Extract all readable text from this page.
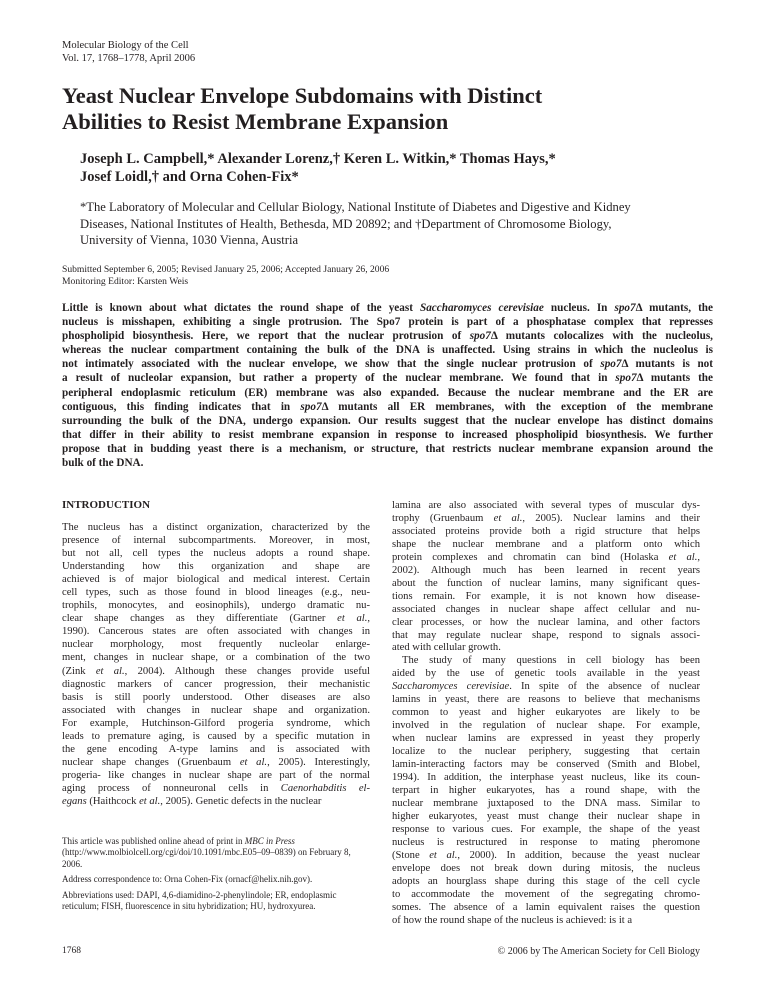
Molecular Biology of the Cell
Vol. 17, 1768–1778, April 2006
Yeast Nuclear Envelope Subdomains with Distinct
Abilities to Resist Membrane Expansion
Joseph L. Campbell,* Alexander Lorenz,† Keren L. Witkin,* Thomas Hays,*
Josef Loidl,† and Orna Cohen-Fix*
*The Laboratory of Molecular and Cellular Biology, National Institute of Diabetes and Digestive and Kidney
Diseases, National Institutes of Health, Bethesda, MD 20892; and †Department of Chromosome Biology,
University of Vienna, 1030 Vienna, Austria
Submitted September 6, 2005; Revised January 25, 2006; Accepted January 26, 2006
Monitoring Editor: Karsten Weis
Little is known about what dictates the round shape of the yeast Saccharomyces cerevisiae nucleus. In spo7Δ mutants, the
nucleus is misshapen, exhibiting a single protrusion. The Spo7 protein is part of a phosphatase complex that represses
phospholipid biosynthesis. Here, we report that the nuclear protrusion of spo7Δ mutants colocalizes with the nucleolus,
whereas the nuclear compartment containing the bulk of the DNA is unaffected. Using strains in which the nucleolus is
not intimately associated with the nuclear envelope, we show that the single nuclear protrusion of spo7Δ mutants is not
a result of nucleolar expansion, but rather a property of the nuclear membrane. We found that in spo7Δ mutants the
peripheral endoplasmic reticulum (ER) membrane was also expanded. Because the nuclear membrane and the ER are
contiguous, this finding indicates that in spo7Δ mutants all ER membranes, with the exception of the membrane
surrounding the bulk of the DNA, undergo expansion. Our results suggest that the nuclear envelope has distinct domains
that differ in their ability to resist membrane expansion in response to increased phospholipid biosynthesis. We further
propose that in budding yeast there is a mechanism, or structure, that restricts nuclear membrane expansion around the
bulk of the DNA.
INTRODUCTION
The nucleus has a distinct organization, characterized by the
presence of internal subcompartments. Moreover, in most,
but not all, cell types the nucleus adopts a round shape.
Understanding how this organization and shape are
achieved is of major biological and medical interest. Certain
cell types, such as those found in blood lineages (e.g., neu-
trophils, monocytes, and eosinophils), undergo dramatic nu-
clear shape changes as they differentiate (Gartner et al.,
1990). Cancerous states are often associated with changes in
nuclear morphology, most frequently nucleolar enlarge-
ment, changes in nuclear shape, or a combination of the two
(Zink et al., 2004). Although these changes provide useful
diagnostic markers of cancer progression, their mechanistic
basis is still poorly understood. Other diseases are also
associated with changes in nuclear shape and organization.
For example, Hutchinson-Gilford progeria syndrome, which
leads to premature aging, is caused by a specific mutation in
the gene encoding A-type lamins and is associated with
nuclear shape changes (Gruenbaum et al., 2005). Interestingly,
progeria- like changes in nuclear shape are part of the normal
aging process of nonneuronal cells in Caenorhabditis el-
egans (Haithcock et al., 2005). Genetic defects in the nuclear
lamina are also associated with several types of muscular dys-
trophy (Gruenbaum et al., 2005). Nuclear lamins and their
associated proteins provide both a rigid structure that helps
shape the nuclear membrane and a platform onto which
protein complexes and chromatin can bind (Holaska et al.,
2002). Although much has been learned in recent years
about the function of nuclear lamins, many significant ques-
tions remain. For example, it is not known how disease-
associated changes in nuclear shape affect cellular and nu-
clear processes, or how the nuclear lamina, and other factors
that may regulate nuclear shape, respond to signals associ-
ated with cellular growth.
The study of many questions in cell biology has been
aided by the use of genetic tools available in the yeast
Saccharomyces cerevisiae. In spite of the absence of nuclear
lamins in yeast, there are reasons to believe that mechanisms
common to yeast and higher eukaryotes are likely to be
involved in the regulation of nuclear shape. For example,
when nuclear lamins are expressed in yeast they properly
localize to the nuclear periphery, suggesting that certain
lamin-interacting factors may be conserved (Smith and Blobel,
1994). In addition, the interphase yeast nucleus, like its coun-
terpart in higher eukaryotes, has a round shape, with the
nuclear membrane juxtaposed to the DNA mass. Similar to
higher eukaryotes, yeast must change their nuclear shape in
response to various cues. For example, the shape of the yeast
nucleus is restructured in response to mating pheromone
(Stone et al., 2000). In addition, because the yeast nuclear
envelope does not break down during mitosis, the nucleus
adopts an hourglass shape during this stage of the cell cycle
to accommodate the movement of the segregating chromo-
somes. The absence of a lamin equivalent raises the question
of how the round shape of the nucleus is achieved: is it a

This article was published online ahead of print in MBC in Press (http://www.molbiolcell.org/cgi/doi/10.1091/mbc.E05–09–0839) on February 8, 2006.

Address correspondence to: Orna Cohen-Fix (ornacf@helix.nih.gov).

Abbreviations used: DAPI, 4,6-diamidino-2-phenylindole; ER, endoplasmic reticulum; FISH, fluorescence in situ hybridization; HU, hydroxyurea.

1768	© 2006 by The American Society for Cell Biology
